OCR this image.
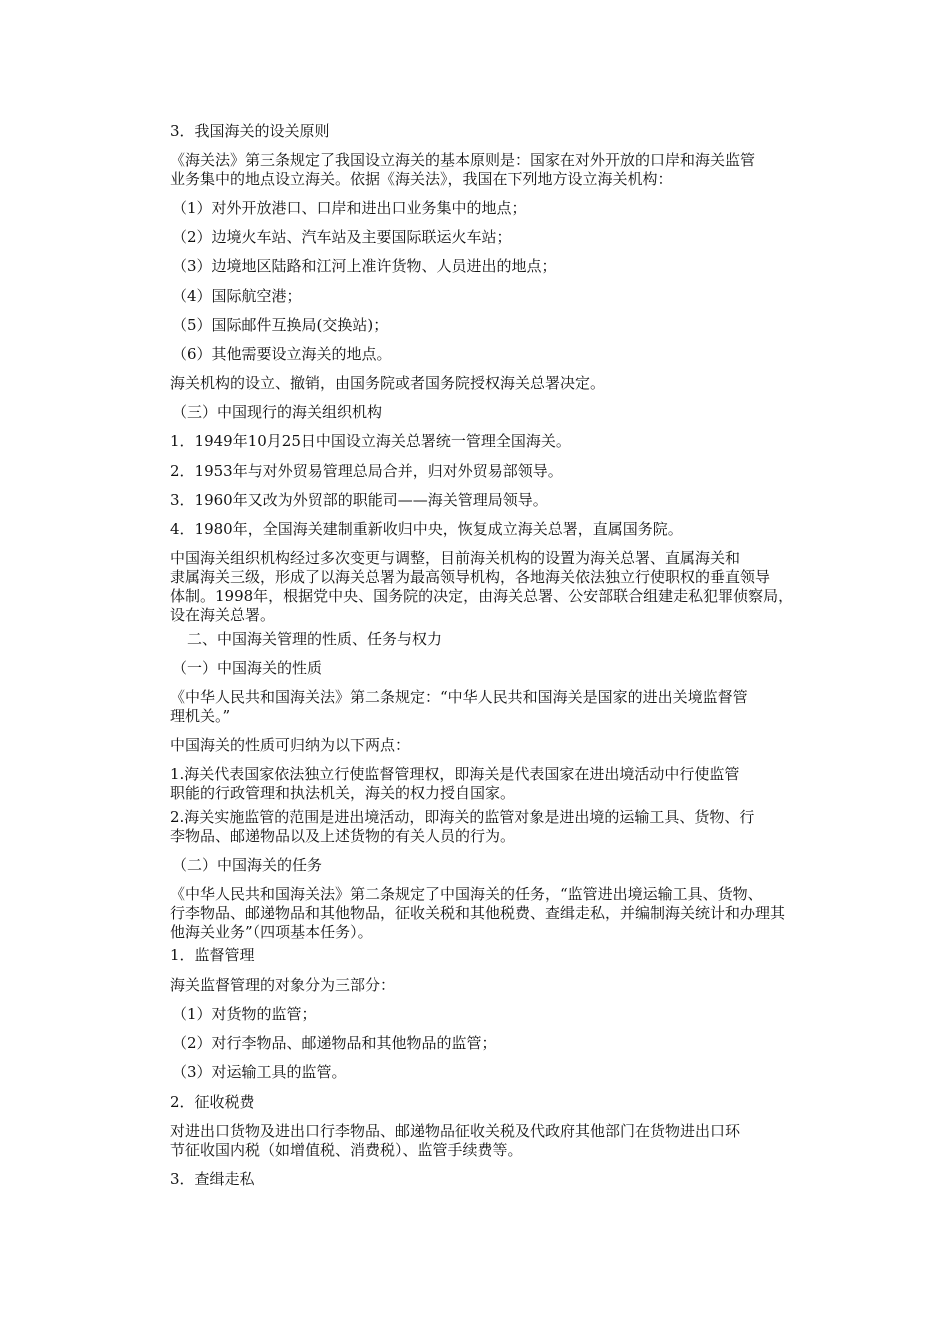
3．我国海关的设关原则
《海关法》第三条规定了我国设立海关的基本原则是：国家在对外开放的口岸和海关监管
业务集中的地点设立海关。依据《海关法》，我国在下列地方设立海关机构：
（1）对外开放港口、口岸和进出口业务集中的地点；
（2）边境火车站、汽车站及主要国际联运火车站；
（3）边境地区陆路和江河上准许货物、人员进出的地点；
（4）国际航空港；
（5）国际邮件互换局(交换站)；
（6）其他需要设立海关的地点。
海关机构的设立、撤销，由国务院或者国务院授权海关总署决定。
（三）中国现行的海关组织机构
1．1949年10月25日中国设立海关总署统一管理全国海关。
2．1953年与对外贸易管理总局合并，归对外贸易部领导。
3．1960年又改为外贸部的职能司——海关管理局领导。
4．1980年，全国海关建制重新收归中央，恢复成立海关总署，直属国务院。
中国海关组织机构经过多次变更与调整，目前海关机构的设置为海关总署、直属海关和
隶属海关三级，形成了以海关总署为最高领导机构，各地海关依法独立行使职权的垂直领导
体制。1998年，根据党中央、国务院的决定，由海关总署、公安部联合组建走私犯罪侦察局，
设在海关总署。
二、中国海关管理的性质、任务与权力
（一）中国海关的性质
《中华人民共和国海关法》第二条规定：“中华人民共和国海关是国家的进出关境监督管
理机关。”
中国海关的性质可归纳为以下两点：
1.海关代表国家依法独立行使监督管理权，即海关是代表国家在进出境活动中行使监管
职能的行政管理和执法机关，海关的权力授自国家。
2.海关实施监管的范围是进出境活动，即海关的监管对象是进出境的运输工具、货物、行
李物品、邮递物品以及上述货物的有关人员的行为。
（二）中国海关的任务
《中华人民共和国海关法》第二条规定了中国海关的任务，“监管进出境运输工具、货物、
行李物品、邮递物品和其他物品，征收关税和其他税费、查缉走私，并编制海关统计和办理其
他海关业务”（四项基本任务）。
1．监督管理
海关监督管理的对象分为三部分：
（1）对货物的监管；
（2）对行李物品、邮递物品和其他物品的监管；
（3）对运输工具的监管。
2．征收税费
对进出口货物及进出口行李物品、邮递物品征收关税及代政府其他部门在货物进出口环
节征收国内税（如增值税、消费税）、监管手续费等。
3．查缉走私
